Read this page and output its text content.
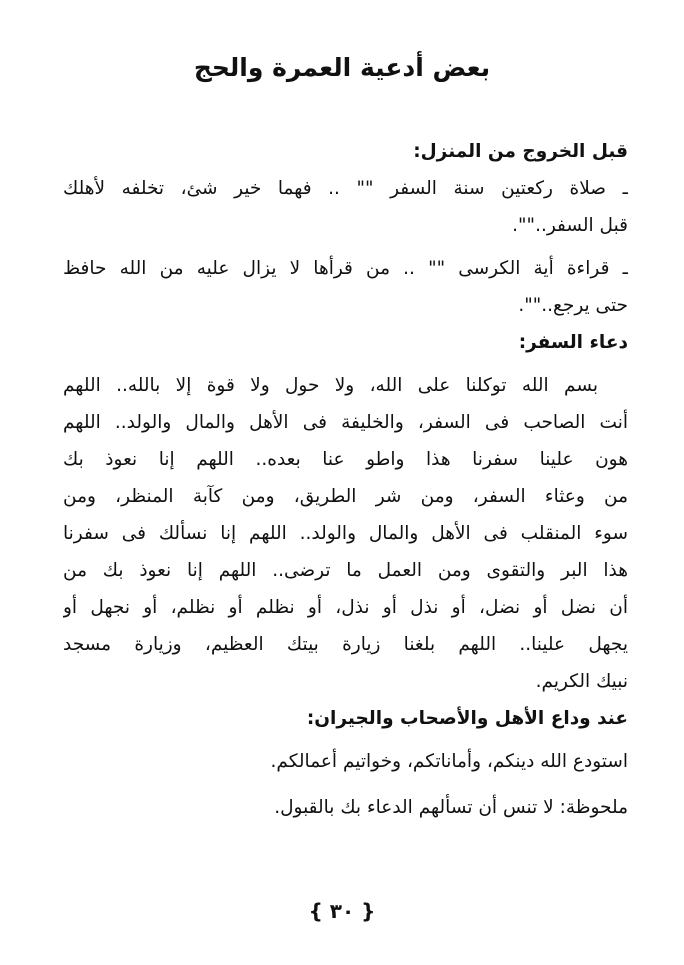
بعض أدعية العمرة والحج
قبل الخروج من المنزل:
ـ صلاة ركعتين سنة السفر "" .. فهما خير شئ، تخلفه لأهلك
قبل السفر.."".
ـ قراءة أية الكرسى "" .. من قرأها لا يزال عليه من الله حافظ
حتى يرجع.."".
دعاء السفر:
بسم الله توكلنا على الله، ولا حول ولا قوة إلا بالله.. اللهم
أنت الصاحب فى السفر، والخليفة فى الأهل والمال والولد.. اللهم
هون علينا سفرنا هذا واطو عنا بعده.. اللهم إنا نعوذ بك
من وعثاء السفر، ومن شر الطريق، ومن كآبة المنظر، ومن
سوء المنقلب فى الأهل والمال والولد.. اللهم إنا نسألك فى سفرنا
هذا البر والتقوى ومن العمل ما ترضى.. اللهم إنا نعوذ بك من
أن نضل أو نضل، أو نذل أو نذل، أو نظلم أو نظلم، أو نجهل أو
يجهل علينا.. اللهم بلغنا زيارة بيتك العظيم، وزيارة مسجد
نبيك الكريم.
عند وداع الأهل والأصحاب والجيران:
استودع الله دينكم، وأماناتكم، وخواتيم أعمالكم.
ملحوظة: لا تنس أن تسألهم الدعاء بك بالقبول.
{ ٣٠ }
